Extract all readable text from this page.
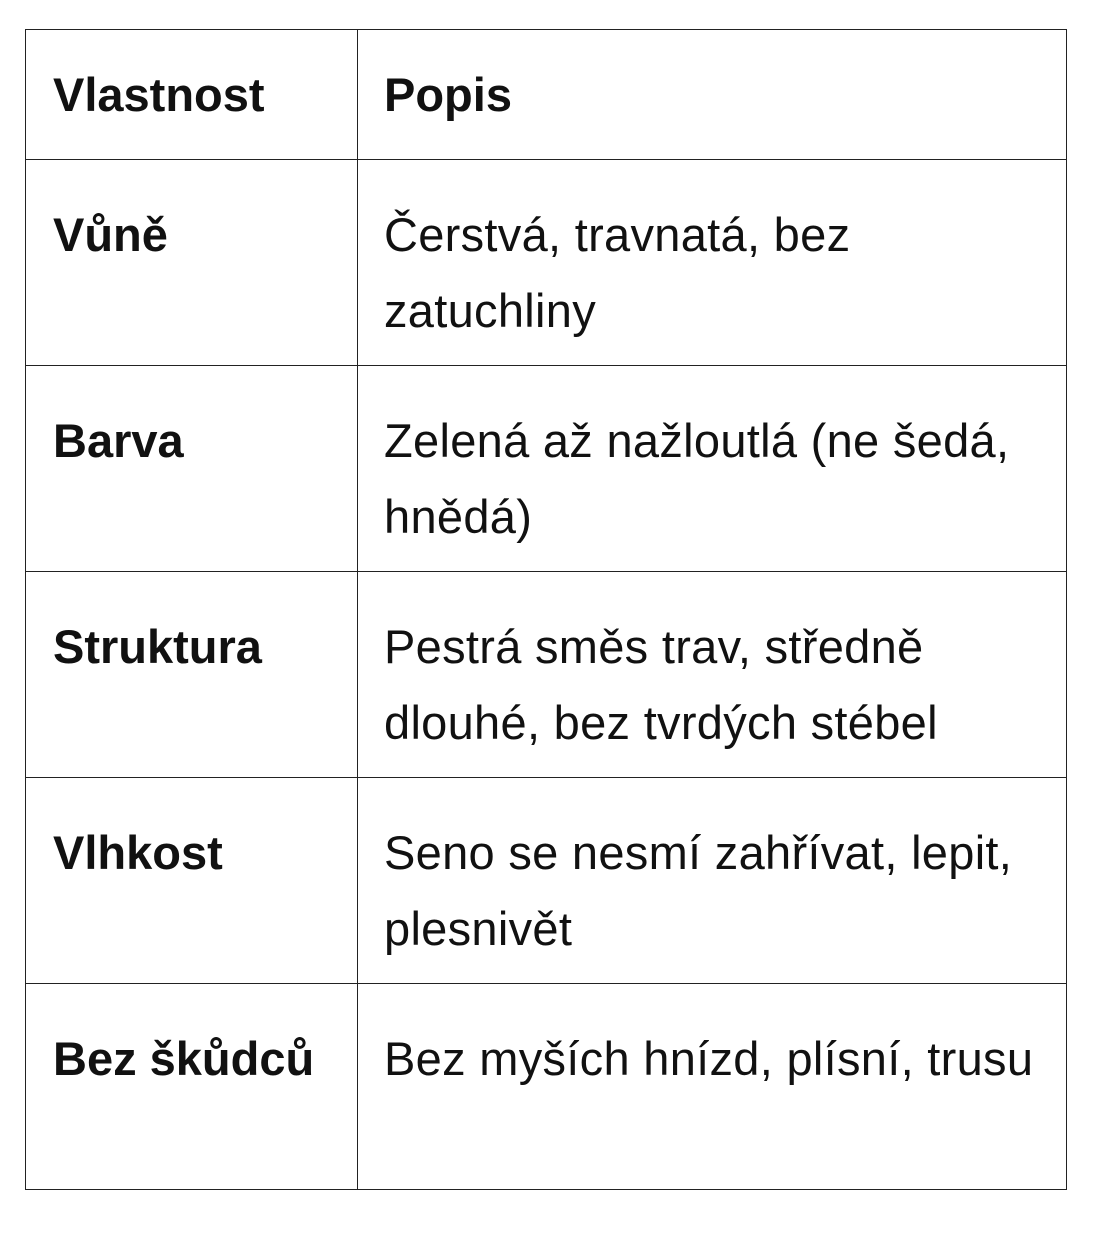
Vlastnost	Popis
Vůně	Čerstvá, travnatá, bez zatuchliny
Barva	Zelená až nažloutlá (ne šedá, hnědá)
Struktura	Pestrá směs trav, středně dlouhé, bez tvrdých stébel
Vlhkost	Seno se nesmí zahřívat, lepit, plesnivět
Bez škůdců	Bez myších hnízd, plísní, trusu
